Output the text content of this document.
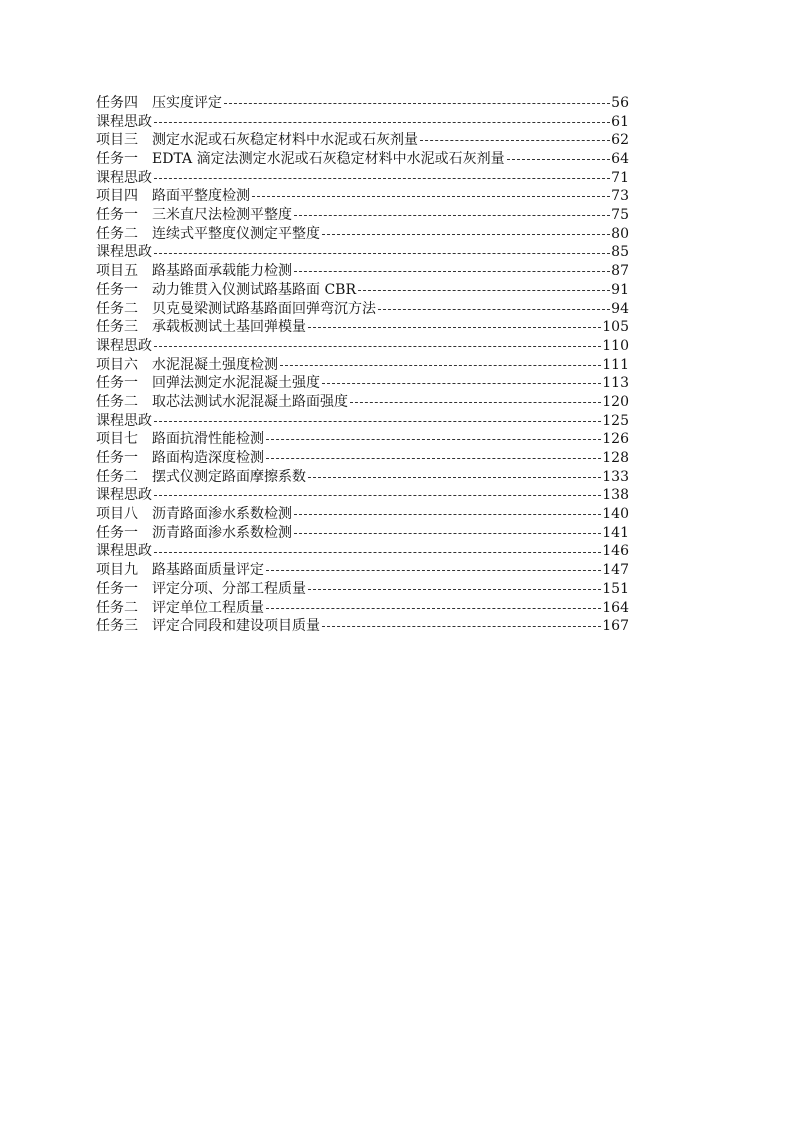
任务四　压实度评定	56
课程思政	61
项目三　测定水泥或石灰稳定材料中水泥或石灰剂量	62
任务一　EDTA 滴定法测定水泥或石灰稳定材料中水泥或石灰剂量	64
课程思政	71
项目四　路面平整度检测	73
任务一　三米直尺法检测平整度	75
任务二　连续式平整度仪测定平整度	80
课程思政	85
项目五　路基路面承载能力检测	87
任务一　动力锥贯入仪测试路基路面 CBR	91
任务二　贝克曼梁测试路基路面回弹弯沉方法	94
任务三　承载板测试土基回弹模量	105
课程思政	110
项目六　水泥混凝土强度检测	111
任务一　回弹法测定水泥混凝土强度	113
任务二　取芯法测试水泥混凝土路面强度	120
课程思政	125
项目七　路面抗滑性能检测	126
任务一　路面构造深度检测	128
任务二　摆式仪测定路面摩擦系数	133
课程思政	138
项目八　沥青路面渗水系数检测	140
任务一　沥青路面渗水系数检测	141
课程思政	146
项目九　路基路面质量评定	147
任务一　评定分项、分部工程质量	151
任务二　评定单位工程质量	164
任务三　评定合同段和建设项目质量	167
